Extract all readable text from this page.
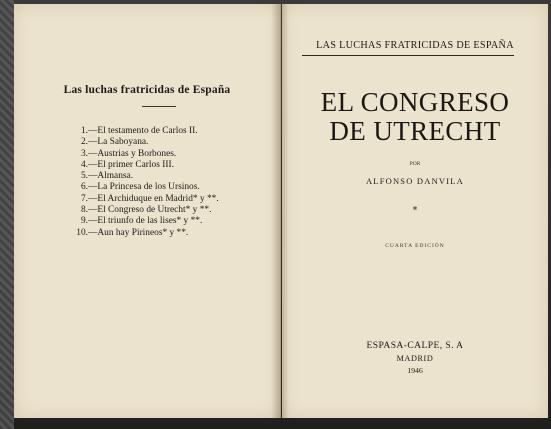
Las luchas fratricidas de España
1.—El testamento de Carlos II.
2.—La Saboyana.
3.—Austrias y Borbones.
4.—El primer Carlos III.
5.—Almansa.
6.—La Princesa de los Ursinos.
7.—El Archiduque en Madrid* y **.
8.—El Congreso de Utrecht* y **.
9.—El triunfo de las lises* y **.
10.—Aun hay Pirineos* y **.
LAS LUCHAS FRATRICIDAS DE ESPAÑA
EL CONGRESO
DE UTRECHT
POR
ALFONSO DANVILA
*
CUARTA EDICIÓN
ESPASA-CALPE, S. A
MADRID
1946
